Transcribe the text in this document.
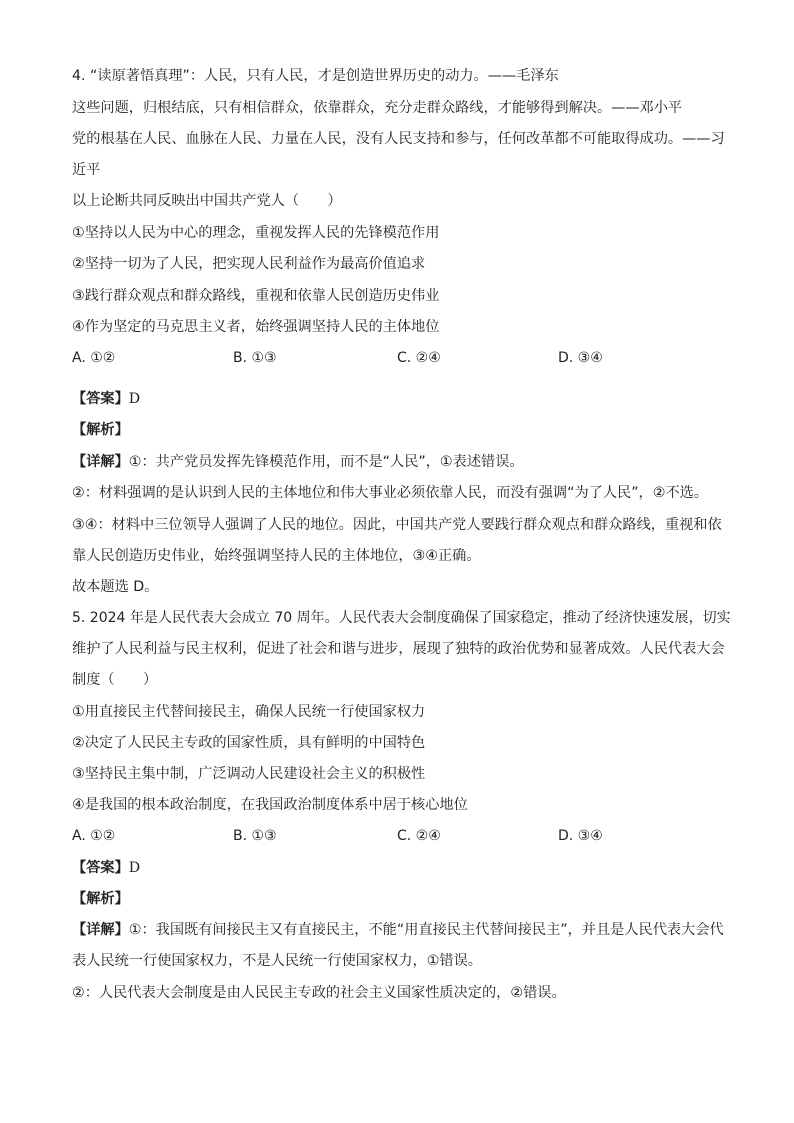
4. “读原著悟真理”：人民，只有人民，才是创造世界历史的动力。——毛泽东
这些问题，归根结底，只有相信群众，依靠群众，充分走群众路线，才能够得到解决。——邓小平
党的根基在人民、血脉在人民、力量在人民，没有人民支持和参与，任何改革都不可能取得成功。——习
近平
以上论断共同反映出中国共产党人（　　）
①坚持以人民为中心的理念，重视发挥人民的先锋模范作用
②坚持一切为了人民，把实现人民利益作为最高价值追求
③践行群众观点和群众路线，重视和依靠人民创造历史伟业
④作为坚定的马克思主义者，始终强调坚持人民的主体地位
A. ①②	B. ①③	C. ②④	D. ③④
【答案】D
【解析】
【详解】①：共产党员发挥先锋模范作用，而不是“人民”，①表述错误。
②：材料强调的是认识到人民的主体地位和伟大事业必须依靠人民，而没有强调“为了人民”，②不选。
③④：材料中三位领导人强调了人民的地位。因此，中国共产党人要践行群众观点和群众路线，重视和依
靠人民创造历史伟业，始终强调坚持人民的主体地位，③④正确。
故本题选 D。
5. 2024 年是人民代表大会成立 70 周年。人民代表大会制度确保了国家稳定，推动了经济快速发展，切实
维护了人民利益与民主权利，促进了社会和谐与进步，展现了独特的政治优势和显著成效。人民代表大会
制度（　　）
①用直接民主代替间接民主，确保人民统一行使国家权力
②决定了人民民主专政的国家性质，具有鲜明的中国特色
③坚持民主集中制，广泛调动人民建设社会主义的积极性
④是我国的根本政治制度，在我国政治制度体系中居于核心地位
A. ①②	B. ①③	C. ②④	D. ③④
【答案】D
【解析】
【详解】①：我国既有间接民主又有直接民主，不能“用直接民主代替间接民主”，并且是人民代表大会代
表人民统一行使国家权力，不是人民统一行使国家权力，①错误。
②：人民代表大会制度是由人民民主专政的社会主义国家性质决定的，②错误。
